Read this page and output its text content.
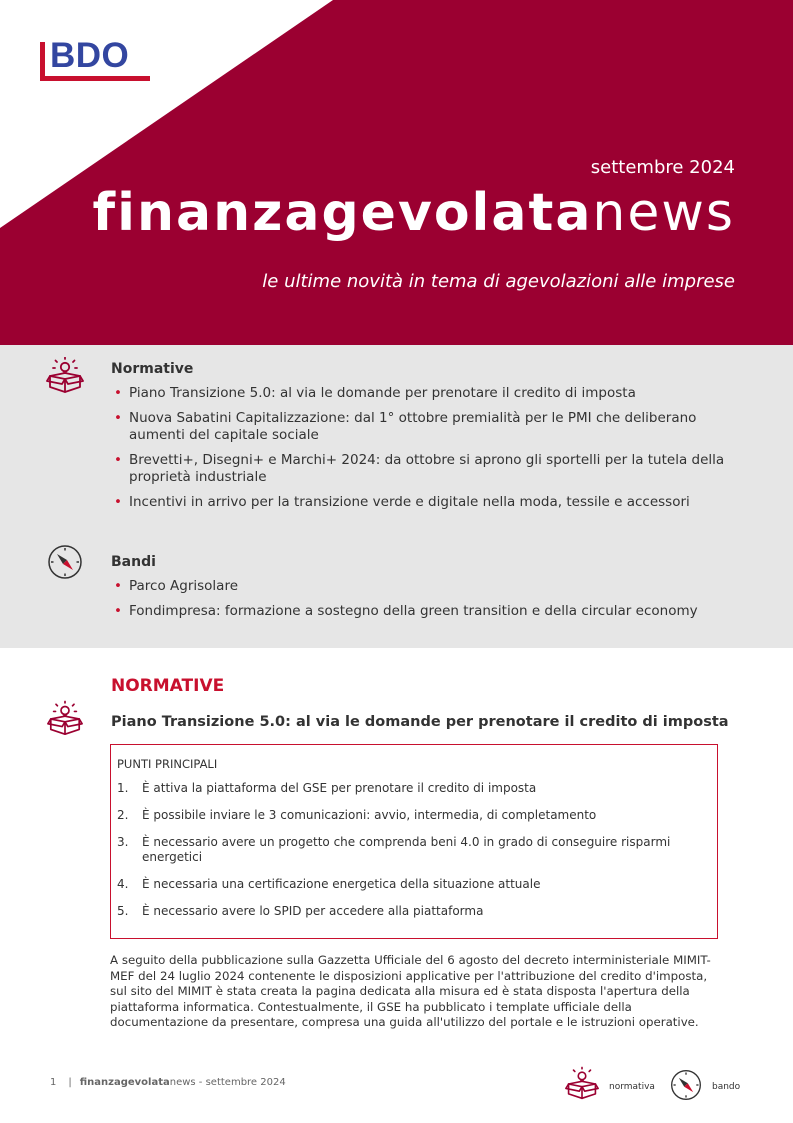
BDO
settembre 2024
finanzagevolatanews
le ultime novità in tema di agevolazioni alle imprese
Normative
• Piano Transizione 5.0: al via le domande per prenotare il credito di imposta
• Nuova Sabatini Capitalizzazione: dal 1° ottobre premialità per le PMI che deliberano aumenti del capitale sociale
• Brevetti+, Disegni+ e Marchi+ 2024: da ottobre si aprono gli sportelli per la tutela della proprietà industriale
• Incentivi in arrivo per la transizione verde e digitale nella moda, tessile e accessori
Bandi
• Parco Agrisolare
• Fondimpresa: formazione a sostegno della green transition e della circular economy
NORMATIVE
Piano Transizione 5.0: al via le domande per prenotare il credito di imposta
PUNTI PRINCIPALI
1. È attiva la piattaforma del GSE per prenotare il credito di imposta
2. È possibile inviare le 3 comunicazioni: avvio, intermedia, di completamento
3. È necessario avere un progetto che comprenda beni 4.0 in grado di conseguire risparmi energetici
4. È necessaria una certificazione energetica della situazione attuale
5. È necessario avere lo SPID per accedere alla piattaforma
A seguito della pubblicazione sulla Gazzetta Ufficiale del 6 agosto del decreto interministeriale MIMIT-MEF del 24 luglio 2024 contenente le disposizioni applicative per l'attribuzione del credito d'imposta, sul sito del MIMIT è stata creata la pagina dedicata alla misura ed è stata disposta l'apertura della piattaforma informatica. Contestualmente, il GSE ha pubblicato i template ufficiale della documentazione da presentare, compresa una guida all'utilizzo del portale e le istruzioni operative.
1 | finanzagevolatanews - settembre 2024	normativa	bando
